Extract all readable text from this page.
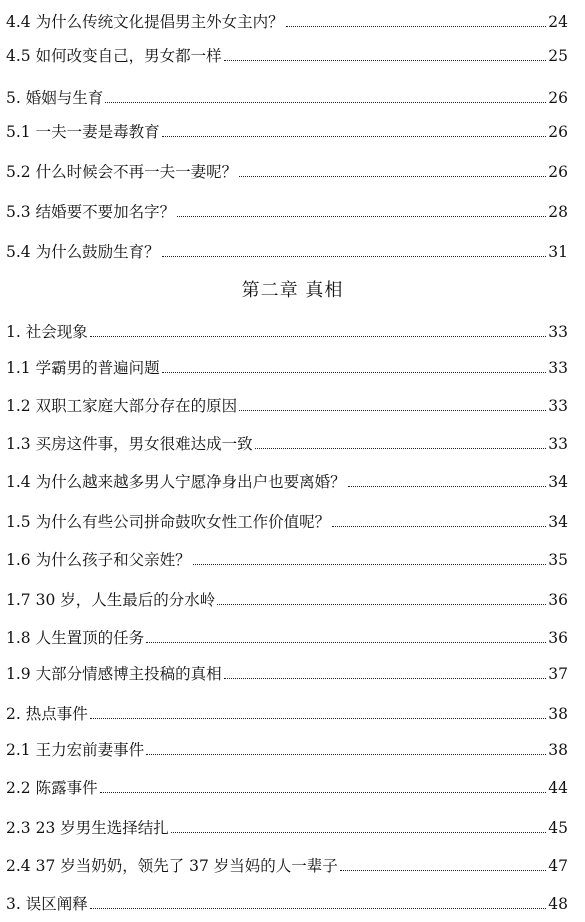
4.4 为什么传统文化提倡男主外女主内？	24
4.5 如何改变自己，男女都一样	25
5. 婚姻与生育	26
5.1 一夫一妻是毒教育	26
5.2 什么时候会不再一夫一妻呢？	26
5.3 结婚要不要加名字？	28
5.4 为什么鼓励生育？	31
第二章 真相
1. 社会现象	33
1.1 学霸男的普遍问题	33
1.2 双职工家庭大部分存在的原因	33
1.3 买房这件事，男女很难达成一致	33
1.4 为什么越来越多男人宁愿净身出户也要离婚？	34
1.5 为什么有些公司拼命鼓吹女性工作价值呢？	34
1.6 为什么孩子和父亲姓？	35
1.7 30 岁，人生最后的分水岭	36
1.8 人生置顶的任务	36
1.9 大部分情感博主投稿的真相	37
2. 热点事件	38
2.1 王力宏前妻事件	38
2.2 陈露事件	44
2.3 23 岁男生选择结扎	45
2.4 37 岁当奶奶，领先了 37 岁当妈的人一辈子	47
3. 误区阐释	48
